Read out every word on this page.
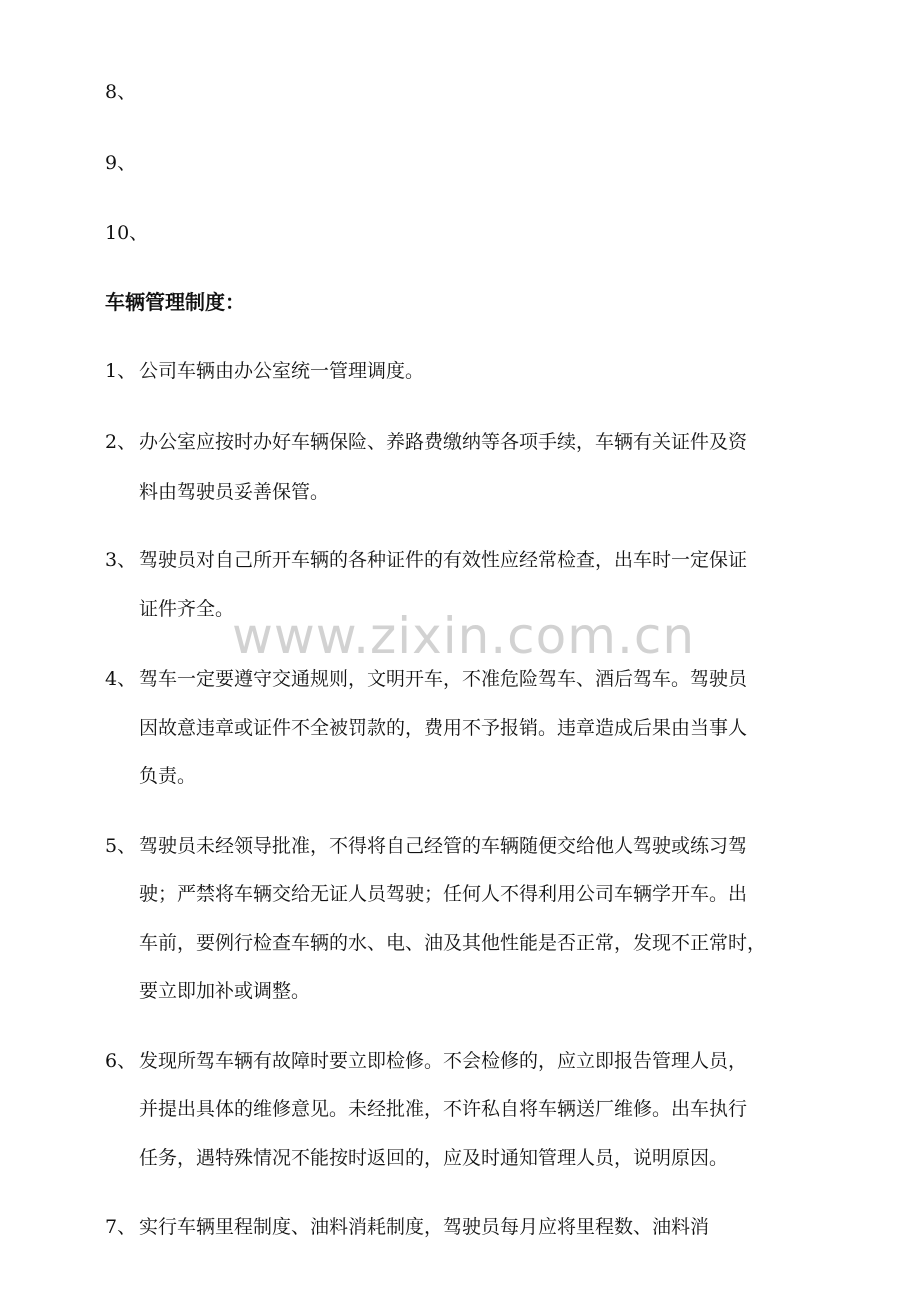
8、
9、
10、
车辆管理制度：
1、 公司车辆由办公室统一管理调度。
2、 办公室应按时办好车辆保险、养路费缴纳等各项手续，车辆有关证件及资
料由驾驶员妥善保管。
3、 驾驶员对自己所开车辆的各种证件的有效性应经常检查，出车时一定保证
证件齐全。
4、 驾车一定要遵守交通规则，文明开车，不准危险驾车、酒后驾车。驾驶员
因故意违章或证件不全被罚款的，费用不予报销。违章造成后果由当事人
负责。
5、 驾驶员未经领导批准，不得将自己经管的车辆随便交给他人驾驶或练习驾
驶；严禁将车辆交给无证人员驾驶；任何人不得利用公司车辆学开车。出
车前，要例行检查车辆的水、电、油及其他性能是否正常，发现不正常时，
要立即加补或调整。
6、 发现所驾车辆有故障时要立即检修。不会检修的，应立即报告管理人员，
并提出具体的维修意见。未经批准，不许私自将车辆送厂维修。出车执行
任务，遇特殊情况不能按时返回的，应及时通知管理人员，说明原因。
7、 实行车辆里程制度、油料消耗制度，驾驶员每月应将里程数、油料消
www.zixin.com.cn
